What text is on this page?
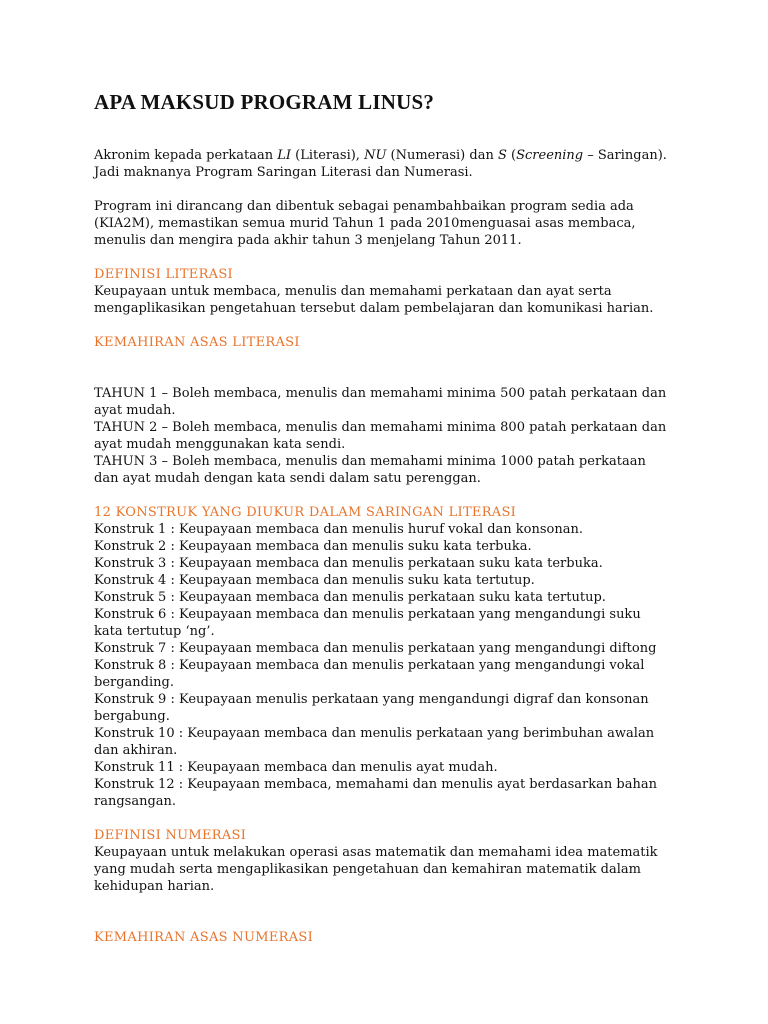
APA MAKSUD PROGRAM LINUS?
Akronim kepada perkataan LI (Literasi), NU (Numerasi) dan S (Screening – Saringan).
Jadi maknanya Program Saringan Literasi dan Numerasi.
Program ini dirancang dan dibentuk sebagai penambahbaikan program sedia ada
(KIA2M), memastikan semua murid Tahun 1 pada 2010menguasai asas membaca,
menulis dan mengira pada akhir tahun 3 menjelang Tahun 2011.
DEFINISI LITERASI
Keupayaan untuk membaca, menulis dan memahami perkataan dan ayat serta
mengaplikasikan pengetahuan tersebut dalam pembelajaran dan komunikasi harian.
KEMAHIRAN ASAS LITERASI
TAHUN 1 – Boleh membaca, menulis dan memahami minima 500 patah perkataan dan
ayat mudah.
TAHUN 2 – Boleh membaca, menulis dan memahami minima 800 patah perkataan dan
ayat mudah menggunakan kata sendi.
TAHUN 3 – Boleh membaca, menulis dan memahami minima 1000 patah perkataan
dan ayat mudah dengan kata sendi dalam satu perenggan.
12 KONSTRUK YANG DIUKUR DALAM SARINGAN LITERASI
Konstruk 1 : Keupayaan membaca dan menulis huruf vokal dan konsonan.
Konstruk 2 : Keupayaan membaca dan menulis suku kata terbuka.
Konstruk 3 : Keupayaan membaca dan menulis perkataan suku kata terbuka.
Konstruk 4 : Keupayaan membaca dan menulis suku kata tertutup.
Konstruk 5 : Keupayaan membaca dan menulis perkataan suku kata tertutup.
Konstruk 6 : Keupayaan membaca dan menulis perkataan yang mengandungi suku
kata tertutup ‘ng’.
Konstruk 7 : Keupayaan membaca dan menulis perkataan yang mengandungi diftong
Konstruk 8 : Keupayaan membaca dan menulis perkataan yang mengandungi vokal
berganding.
Konstruk 9 : Keupayaan menulis perkataan yang mengandungi digraf dan konsonan
bergabung.
Konstruk 10 : Keupayaan membaca dan menulis perkataan yang berimbuhan awalan
dan akhiran.
Konstruk 11 : Keupayaan membaca dan menulis ayat mudah.
Konstruk 12 : Keupayaan membaca, memahami dan menulis ayat berdasarkan bahan
rangsangan.
DEFINISI NUMERASI
Keupayaan untuk melakukan operasi asas matematik dan memahami idea matematik
yang mudah serta mengaplikasikan pengetahuan dan kemahiran matematik dalam
kehidupan harian.
KEMAHIRAN ASAS NUMERASI
